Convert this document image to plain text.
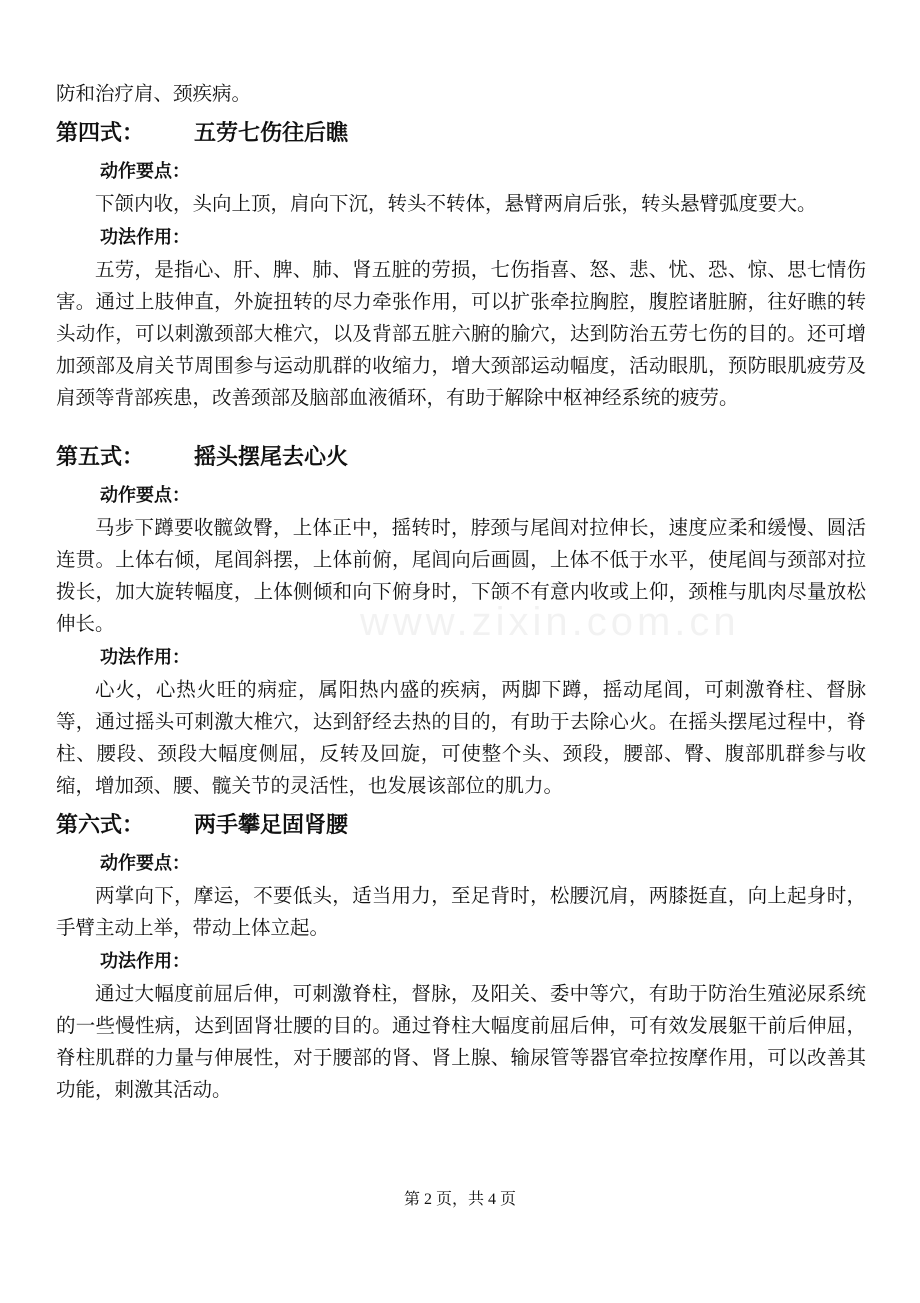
www.zixin.com.cn

防和治疗肩、颈疾病。

第四式：	五劳七伤往后瞧
动作要点：

下颌内收，头向上顶，肩向下沉，转头不转体，悬臂两肩后张，转头悬臂弧度要大。

功法作用：

五劳，是指心、肝、脾、肺、肾五脏的劳损，七伤指喜、怒、悲、忧、恐、惊、思七情伤害。通过上肢伸直，外旋扭转的尽力牵张作用，可以扩张牵拉胸腔，腹腔诸脏腑，往好瞧的转头动作，可以刺激颈部大椎穴，以及背部五脏六腑的腧穴，达到防治五劳七伤的目的。还可增加颈部及肩关节周围参与运动肌群的收缩力，增大颈部运动幅度，活动眼肌，预防眼肌疲劳及肩颈等背部疾患，改善颈部及脑部血液循环，有助于解除中枢神经系统的疲劳。

第五式：	摇头摆尾去心火
动作要点：

马步下蹲要收髋敛臀，上体正中，摇转时，脖颈与尾闾对拉伸长，速度应柔和缓慢、圆活连贯。上体右倾，尾闾斜摆，上体前俯，尾闾向后画圆，上体不低于水平，使尾闾与颈部对拉拨长，加大旋转幅度，上体侧倾和向下俯身时，下颌不有意内收或上仰，颈椎与肌肉尽量放松伸长。

功法作用：

心火，心热火旺的病症，属阳热内盛的疾病，两脚下蹲，摇动尾闾，可刺激脊柱、督脉等，通过摇头可刺激大椎穴，达到舒经去热的目的，有助于去除心火。在摇头摆尾过程中，脊柱、腰段、颈段大幅度侧屈，反转及回旋，可使整个头、颈段，腰部、臀、腹部肌群参与收缩，增加颈、腰、髋关节的灵活性，也发展该部位的肌力。

第六式：	两手攀足固肾腰
动作要点：

两掌向下，摩运，不要低头，适当用力，至足背时，松腰沉肩，两膝挺直，向上起身时，手臂主动上举，带动上体立起。

功法作用：

通过大幅度前屈后伸，可刺激脊柱，督脉，及阳关、委中等穴，有助于防治生殖泌尿系统的一些慢性病，达到固肾壮腰的目的。通过脊柱大幅度前屈后伸，可有效发展躯干前后伸屈，脊柱肌群的力量与伸展性，对于腰部的肾、肾上腺、输尿管等器官牵拉按摩作用，可以改善其功能，刺激其活动。

第 2 页，共 4 页
